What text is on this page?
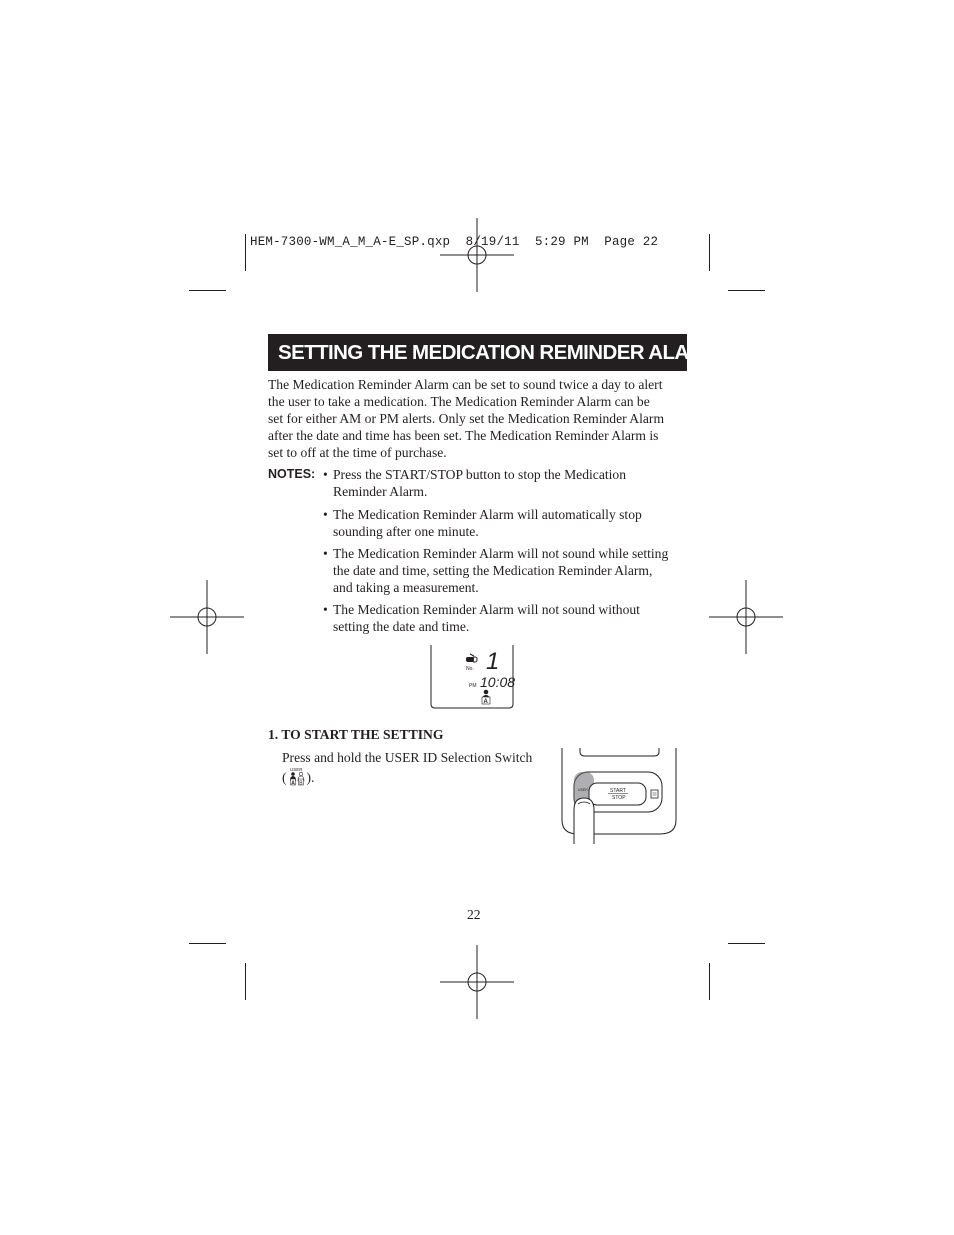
HEM-7300-WM_A_M_A-E_SP.qxp  8/19/11  5:29 PM  Page 22
SETTING THE MEDICATION REMINDER ALARM
The Medication Reminder Alarm can be set to sound twice a day to alert
the user to take a medication. The Medication Reminder Alarm can be
set for either AM or PM alerts. Only set the Medication Reminder Alarm
after the date and time has been set. The Medication Reminder Alarm is
set to off at the time of purchase.
NOTES: • Press the START/STOP button to stop the Medication
Reminder Alarm.
• The Medication Reminder Alarm will automatically stop
sounding after one minute.
• The Medication Reminder Alarm will not sound while setting
the date and time, setting the Medication Reminder Alarm,
and taking a measurement.
• The Medication Reminder Alarm will not sound without
setting the date and time.
No. 1
PM 10:08
A
1. TO START THE SETTING
Press and hold the USER ID Selection Switch
(
USER
A B ).
USER	START
STOP
22
